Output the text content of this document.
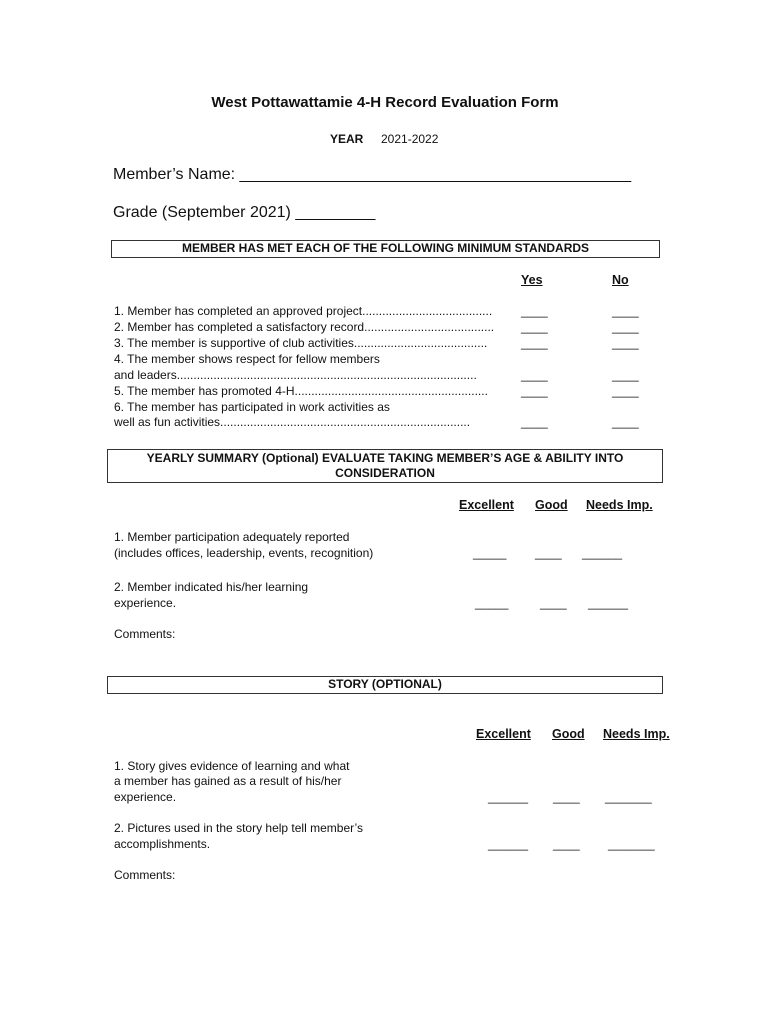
West Pottawattamie 4-H Record Evaluation Form
YEAR 2021-2022
Member’s Name: ____________________________________________
Grade (September 2021) _________
MEMBER HAS MET EACH OF THE FOLLOWING MINIMUM STANDARDS
Yes	No
1. Member has completed an approved project....................................... ____	____
2. Member has completed a satisfactory record....................................... ____	____
3. The member is supportive of club activities........................................	____	____
4. The member shows respect for fellow members
and leaders..........................................................................................	____	____
5. The member has promoted 4-H..........................................................	____	____
6. The member has participated in work activities as
well as fun activities...........................................................................	____	____
YEARLY SUMMARY (Optional) EVALUATE TAKING MEMBER’S AGE & ABILITY INTO
CONSIDERATION
Excellent Good Needs Imp.
1. Member participation adequately reported
(includes offices, leadership, events, recognition)	_____ ____ ______
2. Member indicated his/her learning
experience.	_____	____ ______
Comments:
STORY (OPTIONAL)
Excellent Good Needs Imp.
1. Story gives evidence of learning and what
a member has gained as a result of his/her
experience.	______ ____ _______
2. Pictures used in the story help tell member’s
accomplishments.	______ ____ _______
Comments:
